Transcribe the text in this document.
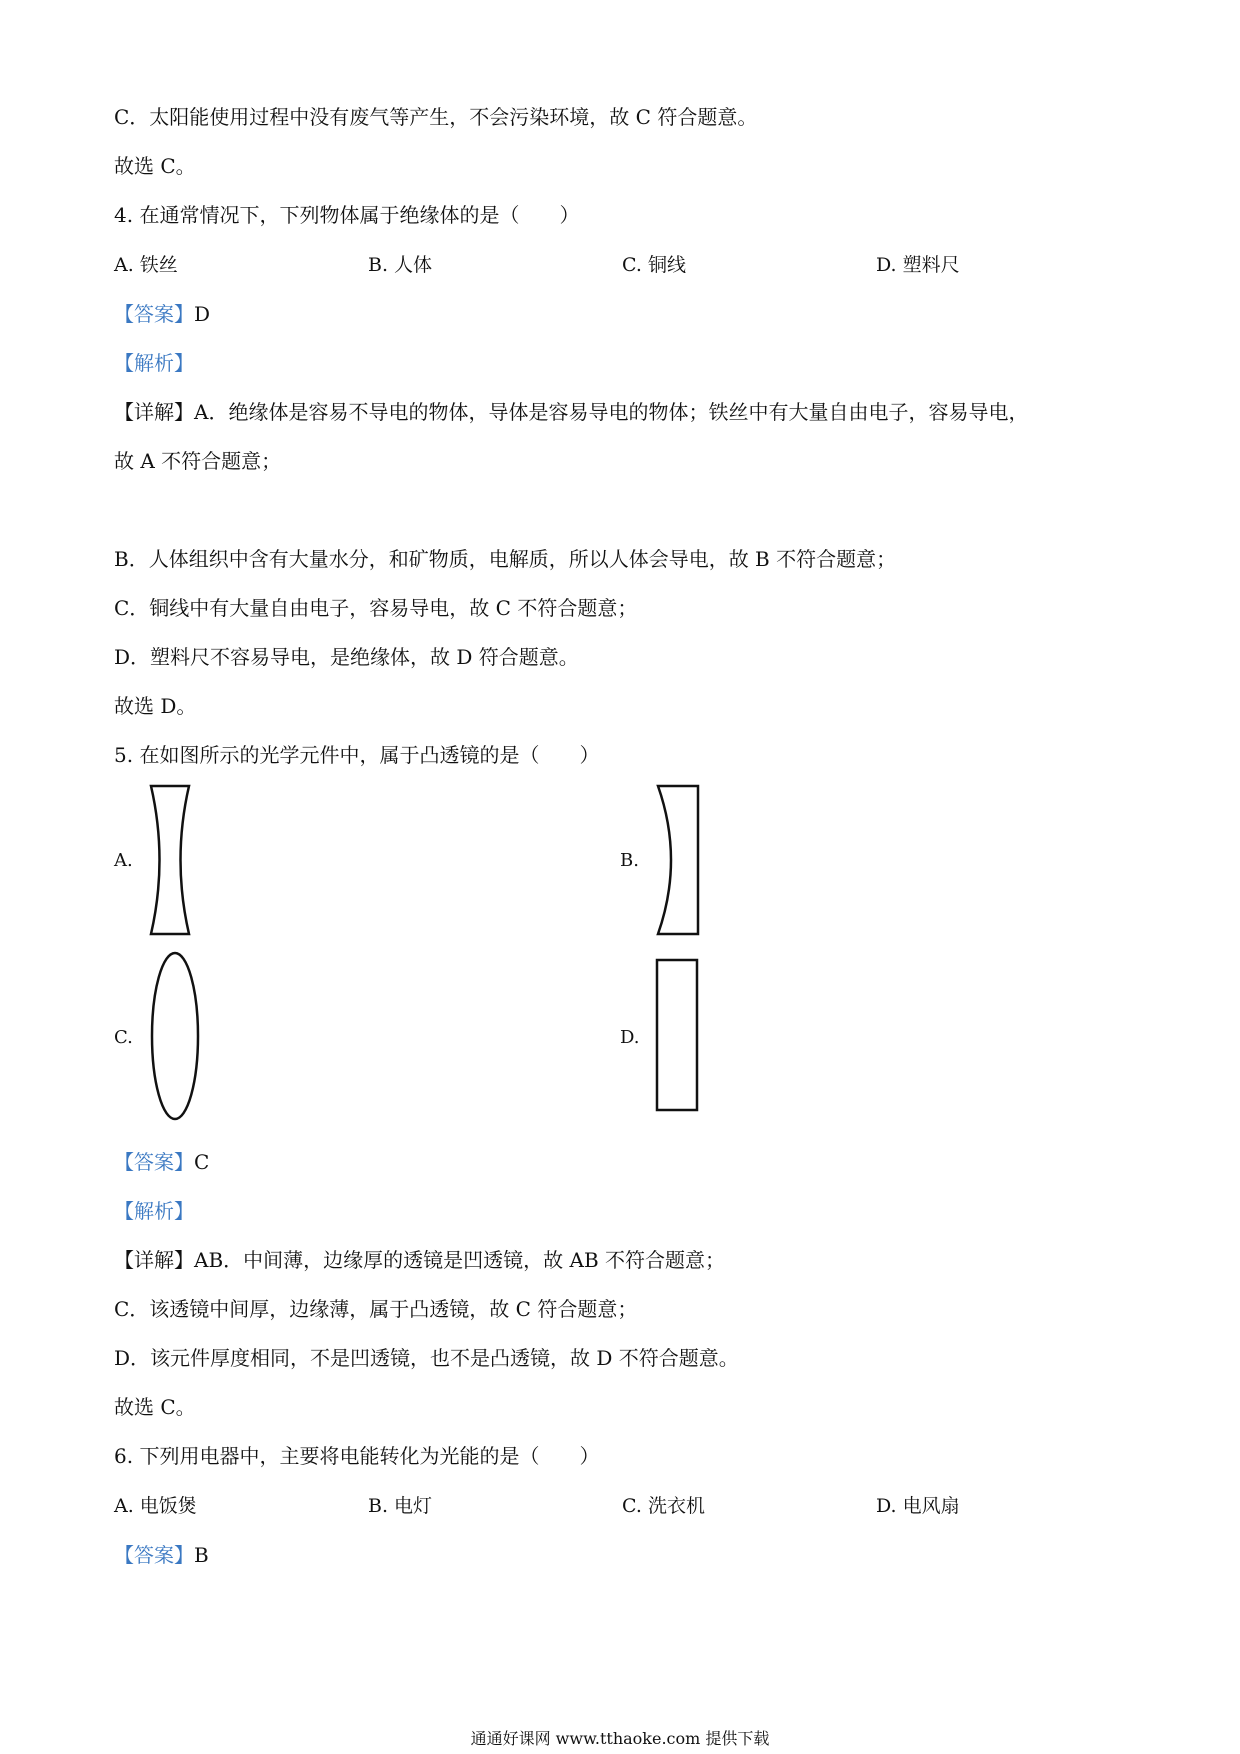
C．太阳能使用过程中没有废气等产生，不会污染环境，故 C 符合题意。
故选 C。
4. 在通常情况下，下列物体属于绝缘体的是（　　）
A. 铁丝	B. 人体	C. 铜线	D. 塑料尺
【答案】D
【解析】
【详解】A．绝缘体是容易不导电的物体，导体是容易导电的物体；铁丝中有大量自由电子，容易导电，
故 A 不符合题意；
B．人体组织中含有大量水分，和矿物质，电解质，所以人体会导电，故 B 不符合题意；
C．铜线中有大量自由电子，容易导电，故 C 不符合题意；
D．塑料尺不容易导电，是绝缘体，故 D 符合题意。
故选 D。
5. 在如图所示的光学元件中，属于凸透镜的是（　　）
A.	B.
C.	D.
【答案】C
【解析】
【详解】AB．中间薄，边缘厚的透镜是凹透镜，故 AB 不符合题意；
C．该透镜中间厚，边缘薄，属于凸透镜，故 C 符合题意；
D．该元件厚度相同，不是凹透镜，也不是凸透镜，故 D 不符合题意。
故选 C。
6. 下列用电器中，主要将电能转化为光能的是（　　）
A. 电饭煲	B. 电灯	C. 洗衣机	D. 电风扇
【答案】B
通通好课网 www.tthaoke.com 提供下载
